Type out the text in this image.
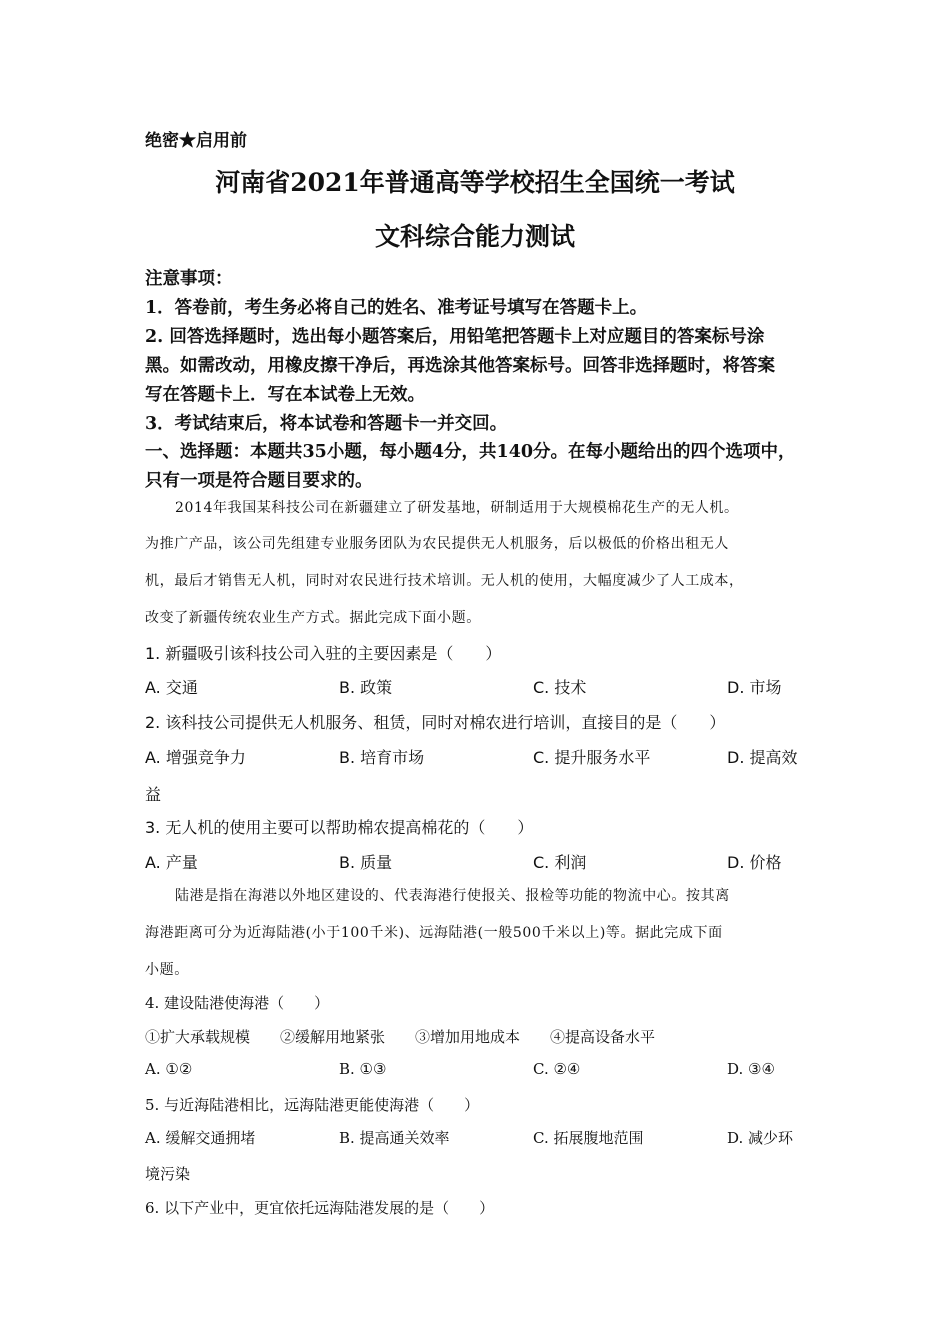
绝密★启用前
河南省2021年普通高等学校招生全国统一考试
文科综合能力测试
注意事项：
1．答卷前，考生务必将自己的姓名、准考证号填写在答题卡上。
2. 回答选择题时，选出每小题答案后，用铅笔把答题卡上对应题目的答案标号涂
黑。如需改动，用橡皮擦干净后，再选涂其他答案标号。回答非选择题时，将答案
写在答题卡上．写在本试卷上无效。
3．考试结束后，将本试卷和答题卡一并交回。
一、选择题：本题共35小题，每小题4分，共140分。在每小题给出的四个选项中，
只有一项是符合题目要求的。
2014年我国某科技公司在新疆建立了研发基地，研制适用于大规模棉花生产的无人机。
为推广产品，该公司先组建专业服务团队为农民提供无人机服务，后以极低的价格出租无人
机，最后才销售无人机，同时对农民进行技术培训。无人机的使用，大幅度减少了人工成本，
改变了新疆传统农业生产方式。据此完成下面小题。
1. 新疆吸引该科技公司入驻的主要因素是（　　）
A. 交通	B. 政策	C. 技术	D. 市场
2. 该科技公司提供无人机服务、租赁，同时对棉农进行培训，直接目的是（　　）
A. 增强竞争力	B. 培育市场	C. 提升服务水平	D. 提高效
益
3. 无人机的使用主要可以帮助棉农提高棉花的（　　）
A. 产量	B. 质量	C. 利润	D. 价格
陆港是指在海港以外地区建设的、代表海港行使报关、报检等功能的物流中心。按其离
海港距离可分为近海陆港(小于100千米)、远海陆港(一般500千米以上)等。据此完成下面
小题。
4. 建设陆港使海港（　　）
①扩大承载规模　　②缓解用地紧张　　③增加用地成本　　④提高设备水平
A. ①②	B. ①③	C. ②④	D. ③④
5. 与近海陆港相比，远海陆港更能使海港（　　）
A. 缓解交通拥堵	B. 提高通关效率	C. 拓展腹地范围	D. 减少环
境污染
6. 以下产业中，更宜依托远海陆港发展的是（　　）
